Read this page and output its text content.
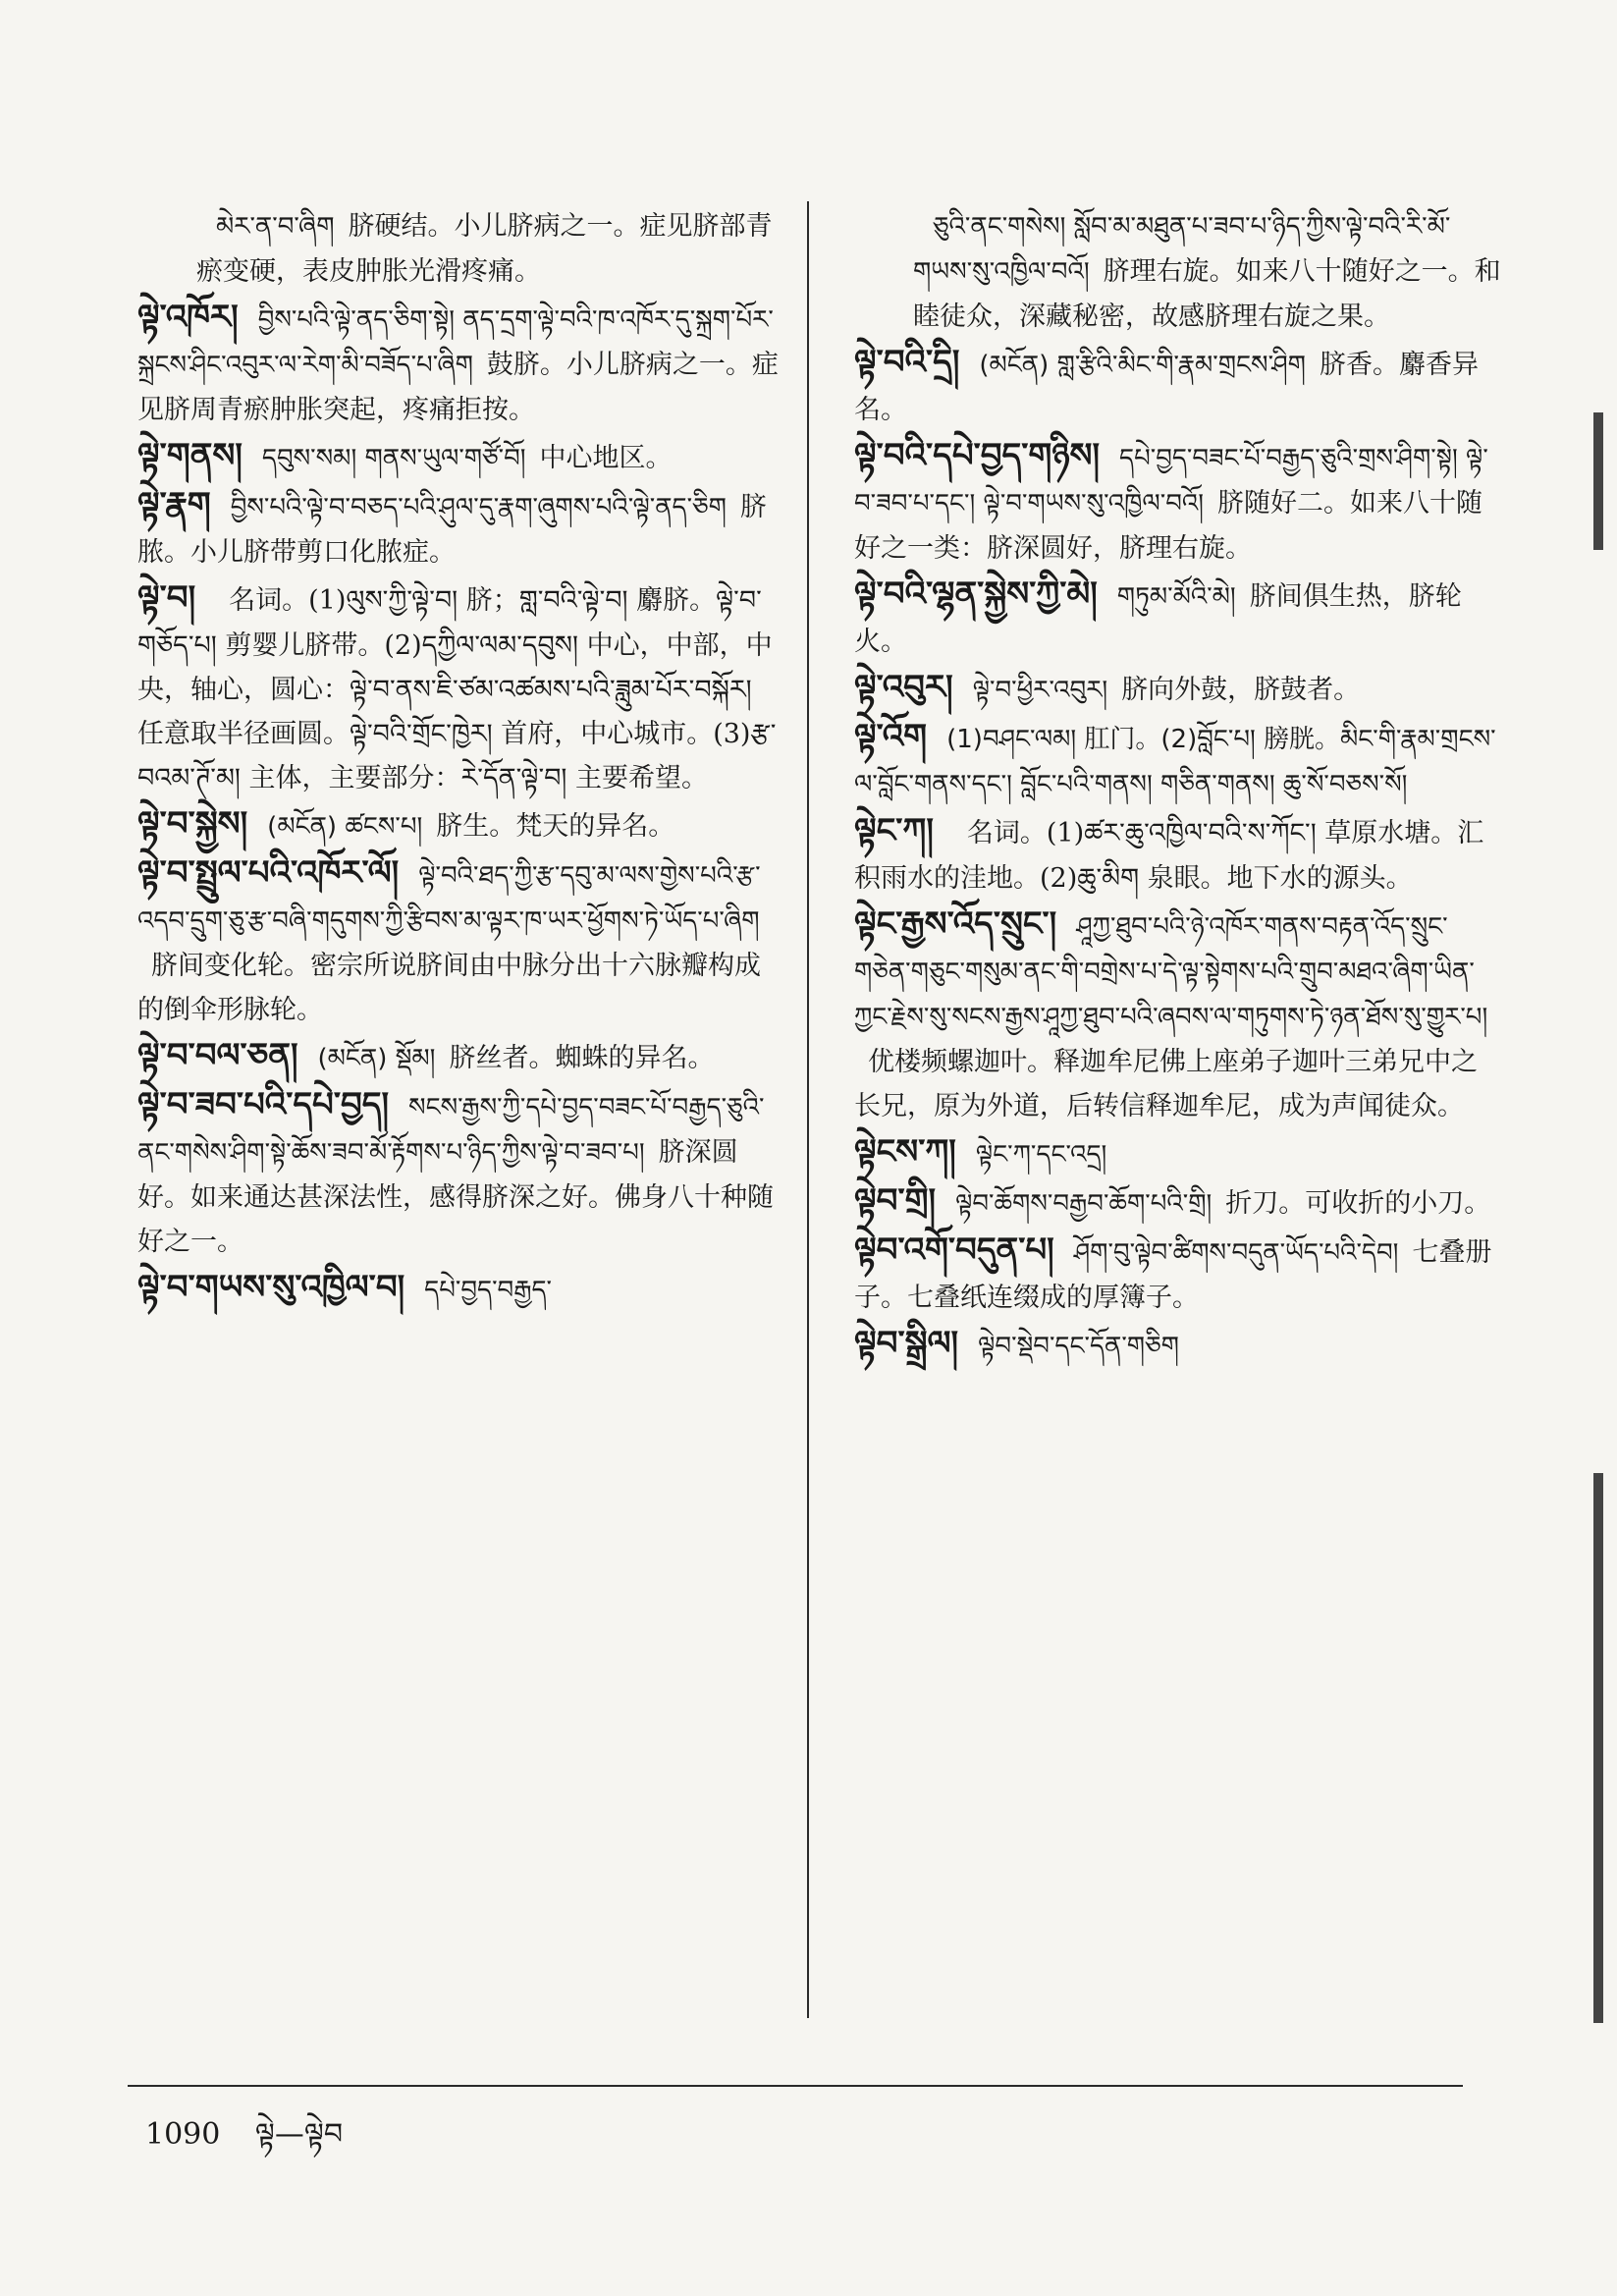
མེར་ན་བ་ཞིག 脐硬结。小儿脐病之一。症见脐部青瘀变硬，表皮肿胀光滑疼痛。
ལྟེ་འཁོར། བྱིས་པའི་ལྟེ་ནད་ཅིག་སྟེ། ནད་དྲག་ལྟེ་བའི་ཁ་འཁོར་དུ་སྐྲག་པོར་སྐྲངས་ཤིང་འབུར་ལ་རེག་མི་བཟོད་པ་ཞིག 鼓脐。小儿脐病之一。症见脐周青瘀肿胀突起，疼痛拒按。
ལྟེ་གནས། དབུས་སམ། གནས་ཡུལ་གཙོ་བོ། 中心地区。
ལྟེ་རྣག བྱིས་པའི་ལྟེ་བ་བཅད་པའི་ཤུལ་དུ་རྣག་ཞུགས་པའི་ལྟེ་ནད་ཅིག 脐脓。小儿脐带剪口化脓症。
ལྟེ་བ། 名词。(1)ལུས་ཀྱི་ལྟེ་བ། 脐；གླ་བའི་ལྟེ་བ། 麝脐。ལྟེ་བ་གཅོད་པ། 剪婴儿脐带。(2)དཀྱིལ་ལམ་དབུས། 中心，中部，中央，轴心，圆心：ལྟེ་བ་ནས་ཇི་ཙམ་འཚམས་པའི་ཟླུམ་པོར་བསྐོར། 任意取半径画圆。ལྟེ་བའི་གྲོང་ཁྱེར། 首府，中心城市。(3)རྩ་བའམ་ཊོ་མ། 主体，主要部分：རེ་དོན་ལྟེ་བ། 主要希望。
ལྟེ་བ་སྐྱེས། (མངོན) ཚངས་པ། 脐生。梵天的异名。
ལྟེ་བ་སྤྲུལ་པའི་འཁོར་ལོ། ལྟེ་བའི་ཐད་ཀྱི་རྩ་དབུ་མ་ལས་གྱེས་པའི་རྩ་འདབ་དྲུག་ཅུ་རྩ་བཞི་གདུགས་ཀྱི་རྩིབས་མ་ལྟར་ཁ་ཡར་ཕྱོགས་ཏེ་ཡོད་པ་ཞིག脐间变化轮。密宗所说脐间由中脉分出十六脉瓣构成的倒伞形脉轮。
ལྟེ་བ་བལ་ཅན། (མངོན) སྡོམ། 脐丝者。蜘蛛的异名。
ལྟེ་བ་ཟབ་པའི་དཔེ་བྱད། སངས་རྒྱས་ཀྱི་དཔེ་བྱད་བཟང་པོ་བརྒྱད་ཅུའི་ནང་གསེས་ཤིག་སྟེ་ཆོས་ཟབ་མོ་རྟོགས་པ་ཉིད་ཀྱིས་ལྟེ་བ་ཟབ་པ། 脐深圆好。如来通达甚深法性，感得脐深之好。佛身八十种随好之一。
ལྟེ་བ་གཡས་སུ་འཁྱིལ་བ། དཔེ་བྱད་བརྒྱད་
ཅུའི་ནང་གསེས། སློབ་མ་མཐུན་པ་ཟབ་པ་ཉིད་ཀྱིས་ལྟེ་བའི་རི་མོ་གཡས་སུ་འཁྱིལ་བའོ། 脐理右旋。如来八十随好之一。和睦徒众，深藏秘密，故感脐理右旋之果。
ལྟེ་བའི་དྲི། (མངོན) གླ་རྩིའི་མིང་གི་རྣམ་གྲངས་ཤིག 脐香。麝香异名。
ལྟེ་བའི་དཔེ་བྱད་གཉིས། དཔེ་བྱད་བཟང་པོ་བརྒྱད་ཅུའི་གྲས་ཤིག་སྟེ། ལྟེ་བ་ཟབ་པ་དང་། ལྟེ་བ་གཡས་སུ་འཁྱིལ་བའོ། 脐随好二。如来八十随好之一类：脐深圆好，脐理右旋。
ལྟེ་བའི་ལྷན་སྐྱེས་ཀྱི་མེ། གཏུམ་མོའི་མེ། 脐间俱生热，脐轮火。
ལྟེ་འབུར། ལྟེ་བ་ཕྱིར་འབུར། 脐向外鼓，脐鼓者。
ལྟེ་འོག (1)བཤང་ལམ། 肛门。(2)བློང་པ། 膀胱。མིང་གི་རྣམ་གྲངས་ལ་བློང་གནས་དང་། བློང་པའི་གནས། གཅིན་གནས། ཆུ་སོ་བཅས་སོ།
ལྟེང་ཀ། 名词。(1)ཚར་ཆུ་འཁྱིལ་བའི་ས་ཀོང་། 草原水塘。汇积雨水的洼地。(2)ཆུ་མིག 泉眼。地下水的源头。
ལྟེང་རྒྱས་འོད་སྲུང་། ཤཱཀྱ་ཐུབ་པའི་ཉེ་འཁོར་གནས་བརྟན་འོད་སྲུང་གཅེན་གཅུང་གསུམ་ནང་གི་བགྲེས་པ་དེ་ལྟ་སྟེགས་པའི་གྲུབ་མཐའ་ཞིག་ཡིན་ཀྱང་རྗེས་སུ་སངས་རྒྱས་ཤཱཀྱ་ཐུབ་པའི་ཞབས་ལ་གཏུགས་ཏེ་ཉན་ཐོས་སུ་གྱུར་པ།优楼频螺迦叶。释迦牟尼佛上座弟子迦叶三弟兄中之长兄，原为外道，后转信释迦牟尼，成为声闻徒众。
ལྟེངས་ཀ། ལྟེང་ཀ་དང་འདྲ།
ལྟེབ་གྲི། ལྟེབ་ཆོགས་བརྒྱབ་ཆོག་པའི་གྲི། 折刀。可收折的小刀。
ལྟེབ་འགོ་བདུན་པ། ཤོག་བུ་ལྟེབ་ཚིགས་བདུན་ཡོད་པའི་དེབ། 七叠册子。七叠纸连缀成的厚簿子。
ལྟེབ་སྒྲིལ། ལྟེབ་སྡེབ་དང་དོན་གཅིག
1090 ལྟེ—ལྟེབ
